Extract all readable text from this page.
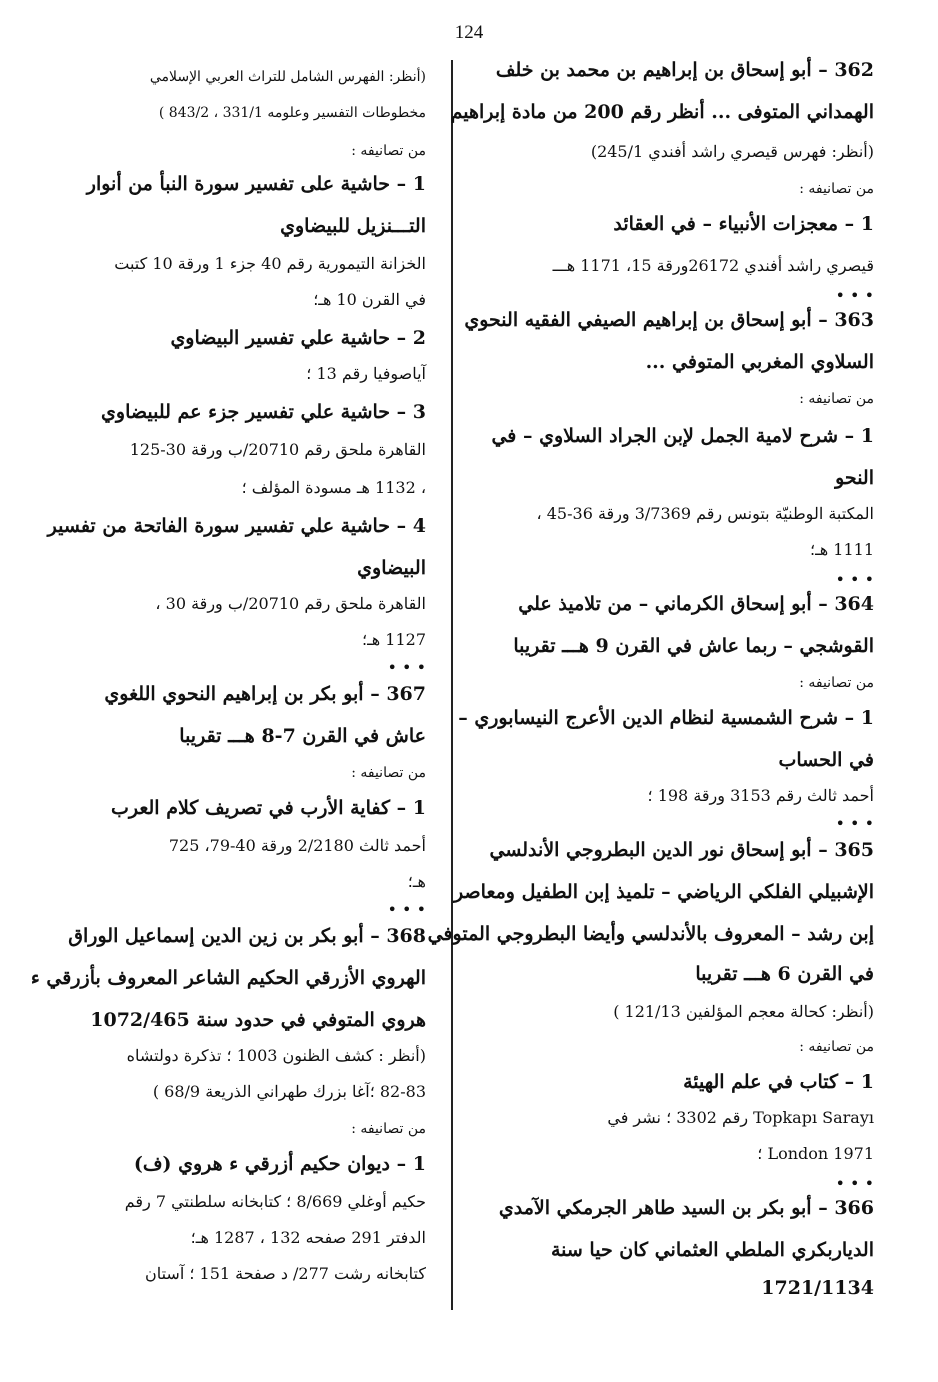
124
362 – أبو إسحاق بن إبراهيم بن محمد بن خلف
الهمداني المتوفى ... أنظر رقم 200 من مادة إبراهيم
(أنظر: فهرس قيصري راشد أفندي 245/1)
من تصانيفه :
1 – معجزات الأنبياء – في العقائد
قيصري راشد أفندي 26172ورقة 15، 1171 هـــ
• • •
363 – أبو إسحاق بن إبراهيم الصيفي الفقيه النحوي
السلاوي المغربي المتوفي ...
من تصانيفه :
1 – شرح لامية الجمل لإبن الجراد السلاوي – في
النحو
المكتبة الوطنيّة بتونس رقم 3/7369 ورقة 36-45 ،
1111 هـ؛
• • •
364 – أبو إسحاق الكرماني – من تلاميذ علي
القوشجي – ربما عاش في القرن 9 هـــ تقريبا
من تصانيفه :
1 – شرح الشمسية لنظام الدين الأعرج النيسابوري –
في الحساب
أحمد ثالث رقم 3153 ورقة 198 ؛
• • •
365 – أبو إسحاق نور الدين البطروجي الأندلسي
الإشبيلي الفلكي الرياضي – تلميذ إبن الطفيل ومعاصر
إبن رشد – المعروف بالأندلسي وأيضا البطروجي المتوفي
في القرن 6 هـــ تقريبا
(أنظر: كحالة معجم المؤلفين 121/13 )
من تصانيفه :
1 – كتاب في علم الهيئة
Topkapı Sarayı رقم 3302 ؛ نشر في
1971 London ؛
• • •
366 – أبو بكر بن السيد طاهر الجرمكي الآمدي
الدياربكري الملطي العثماني كان حيا سنة
1721/1134
(أنظر: الفهرس الشامل للتراث العربي الإسلامي
مخطوطات التفسير وعلومه 331/1 ، 843/2 )
من تصانيفه :
1 – حاشية على تفسير سورة النبأ من أنوار
التـــنزيل للبيضاوي
الخزانة التيمورية رقم 40 جزء 1 ورقة 10 كتبت
في القرن 10 هـ؛
2 – حاشية علي تفسير البيضاوي
آياصوفيا رقم 13 ؛
3 – حاشية علي تفسير جزء عم للبيضاوي
القاهرة ملحق رقم 20710/ب ورقة 30-125
، 1132 هـ مسودة المؤلف ؛
4 – حاشية علي تفسير سورة الفاتحة من تفسير
البيضاوي
القاهرة ملحق رقم 20710/ب ورقة 30 ،
1127 هـ؛
• • •
367 – أبو بكر بن إبراهيم النحوي اللغوي
عاش في القرن 7-8 هـــ تقريبا
من تصانيفه :
1 – كفاية الأرب في تصريف كلام العرب
أحمد ثالث 2/2180 ورقة 40-79، 725
هـ؛
• • •
368 – أبو بكر بن زين الدين إسماعيل الوراق
الهروي الأزرقي الحكيم الشاعر المعروف بأزرقي ء
هروي المتوفي في حدود سنة 1072/465
(أنظر : كشف الظنون 1003 ؛ تذكرة دولتشاه
82-83 ؛آغا بزرك طهراني الذريعة 68/9 )
من تصانيفه :
1 – ديوان حكيم أزرقي ء هروي (ف)
حكيم أوغلي 8/669 ؛ كتابخانه سلطنتي 7 رقم
الدفتر 291 صفحه 132 ، 1287 هـ؛
كتابخانه رشت 277/ د صفحة 151 ؛ آستان
